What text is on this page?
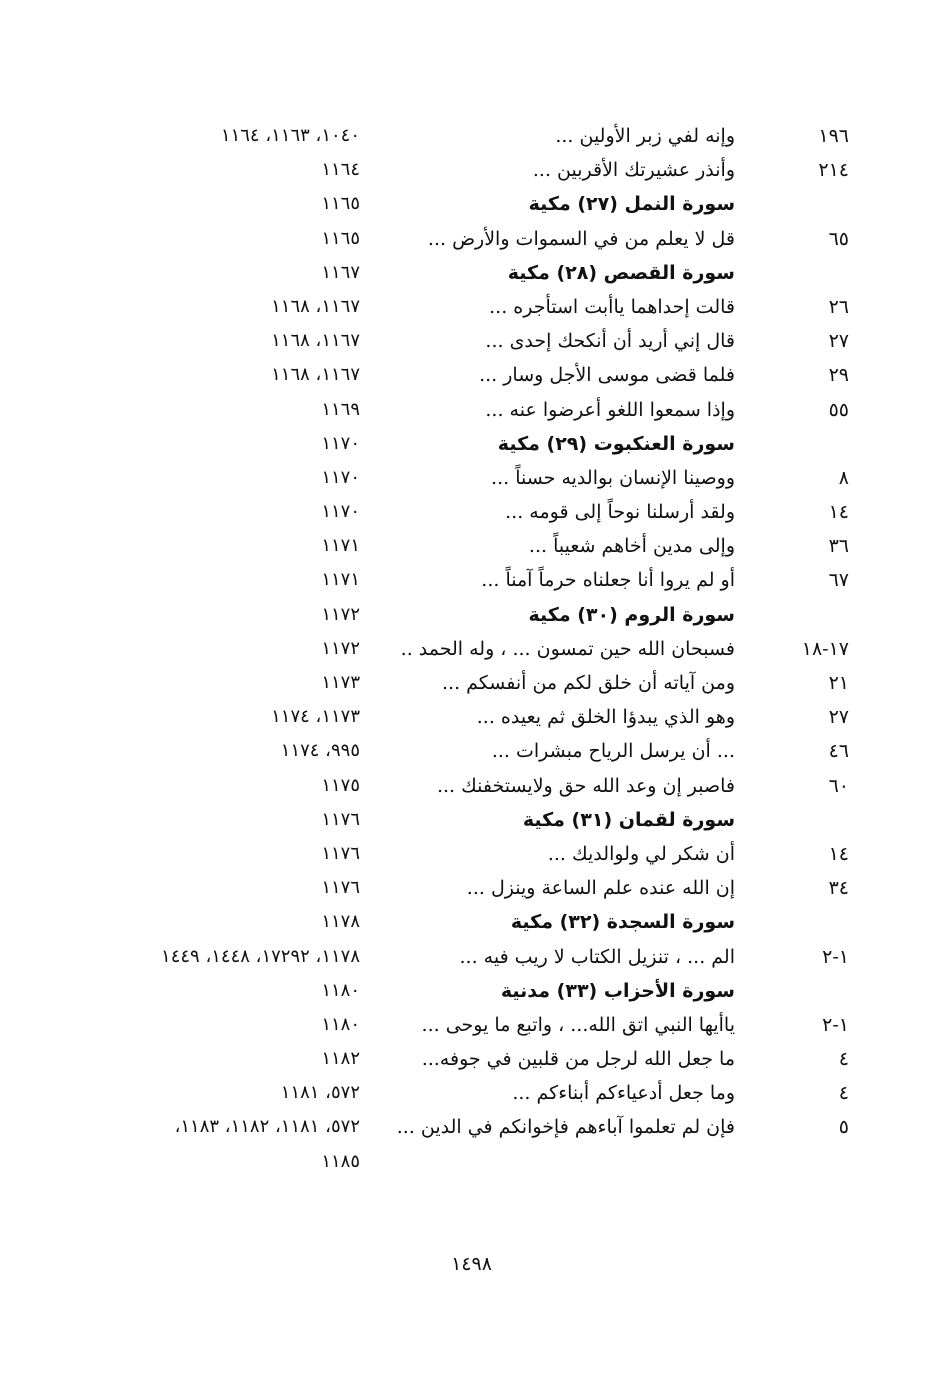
١٩٦
وإنه لفي زبر الأولين ...
١٠٤٠، ١١٦٣، ١١٦٤
٢١٤
وأنذر عشيرتك الأقربين ...
١١٦٤
سورة النمل (٢٧) مكية
١١٦٥
٦٥
قل لا يعلم من في السموات والأرض ...
١١٦٥
سورة القصص (٢٨) مكية
١١٦٧
٢٦
قالت إحداهما ياأبت استأجره ...
١١٦٧، ١١٦٨
٢٧
قال إني أريد أن أنكحك إحدى ...
١١٦٧، ١١٦٨
٢٩
فلما قضى موسى الأجل وسار ...
١١٦٧، ١١٦٨
٥٥
وإذا سمعوا اللغو أعرضوا عنه ...
١١٦٩
سورة العنكبوت (٢٩) مكية
١١٧٠
٨
ووصينا الإنسان بوالديه حسناً ...
١١٧٠
١٤
ولقد أرسلنا نوحاً إلى قومه ...
١١٧٠
٣٦
وإلى مدين أخاهم شعيباً ...
١١٧١
٦٧
أو لم يروا أنا جعلناه حرماً آمناً ...
١١٧١
سورة الروم (٣٠) مكية
١١٧٢
١٧-١٨
فسبحان الله حين تمسون ... ، وله الحمد ..
١١٧٢
٢١
ومن آياته أن خلق لكم من أنفسكم ...
١١٧٣
٢٧
وهو الذي يبدؤا الخلق ثم يعيده ...
١١٧٣، ١١٧٤
٤٦
... أن يرسل الرياح مبشرات ...
٩٩٥، ١١٧٤
٦٠
فاصبر إن وعد الله حق ولايستخفنك ...
١١٧٥
سورة لقمان (٣١) مكية
١١٧٦
١٤
أن شكر لي ولوالديك ...
١١٧٦
٣٤
إن الله عنده علم الساعة وينزل ...
١١٧٦
سورة السجدة (٣٢) مكية
١١٧٨
١-٢
الم ... ، تنزيل الكتاب لا ريب فيه ...
١١٧٨، ١٧٢٩٢، ١٤٤٨، ١٤٤٩
سورة الأحزاب (٣٣) مدنية
١١٨٠
١-٢
ياأيها النبي اتق الله... ، واتبع ما يوحى ...
١١٨٠
٤
ما جعل الله لرجل من قلبين في جوفه...
١١٨٢
٤
وما جعل أدعياءكم أبناءكم ...
٥٧٢، ١١٨١
٥
فإن لم تعلموا آباءهم فإخوانكم في الدين ...
٥٧٢، ١١٨١، ١١٨٢، ١١٨٣،
١١٨٥
١٤٩٨
